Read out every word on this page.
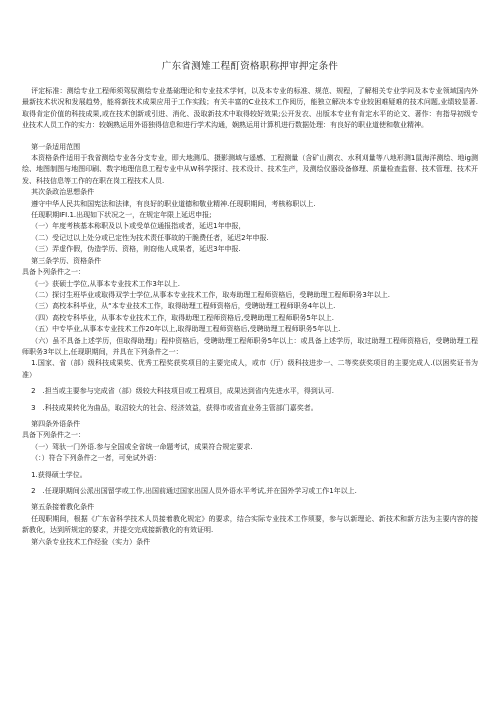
广东省测雉工程酊资格职称押审押定条件

评定标准：测绘专业工程师须驾驭测绘专业基础理论和专业技术学何，以及本专业的标准、规范、规程，了解相关专业学问及本专业领域国内外最新技术状况和发展趋势，能将新技术成果应用于工作实践；有关丰富的C业技术工作阅历，能独立解决本专业较困难疑难的技术问题,业绩较显著.取得肯定价值的科技成果,或在技术创新或引进、消化、汲取新技术中取得较好效果;公开发衣、出版本专业有肯定水平的论文、著作：有指导初级专业技术人员工作的实力：较娴熟运用外语独得信息和进行学术沟通，娴熟运用计算机进行数据处理：有良好的职业道使和敬业精神。

第一条适用范围

本资格条件适用于我省测绘专业各分支专业，即大地测瓜、摄影测域与遥感、工程测量（含矿山测衣、水利刈量等八地形测1鼠海洋测绘、地ig测绘、地图制图与地图印刷、数字地理信息工程专业中从W科学探讨、技术设计、技术生产，及测绘仪器设备修理、质量检查监督、技术管理、技术开发、科技信息等工作的在职在岗工程技术人员.

其次条政治思想条件

遵守中华人民共和国宪法和法律，有良好的职业道德和敬业精神.任现职期间，考核称职以上.

任现职期IFI.1.出现如下状况之一，在规定年限上延迟申报;

（一）年度考核基本称职及以卜或受单位通报指或者，延迟1年申报，

（二）受记过以上处分或已定性为技术责任事故的干脆费任者，延迟2年申报.

（三）弄虚作假，伪造学历、资格，则窃他人成果者，延迟3年申报.

第三条学历、资格条件

具备卜列条件之一：

《一》获硕士学位,从事本专业技术工作3年以上.

（二）探讨生班毕业或取得双学士学位,从事本专业技术工作，取寿助理工程师资格后，受聘助理工程师职务3年以上.

（三）高校本科毕业，从“本专业技术工作，取得助理工程师资格后，受聘助理工程师职务4年以上.

（四）高校专科毕业，从事本专业技术工作，取得助理工程师资格后,受聘助理工程师职务5年以上.

（五）中专毕业,从事本专业技术工作20年以上,取得助理工程师资格后,受聘助理工程师职务5年以上.

（六）虽不具备上述学历，但取得助理J」程仲资格后，受聘助理工程师职务5年以上：或具备上述学历，取过助理工程师资格后，受聘助理工程师职务3年以上,任现职期间，并具在下列条件之一：

1.国家、省（部）级科技成果奖、优秀工程奖获奖项目的主要完成人，或市（厅）级科技进步一、二等奖获奖项目的主要完成人.(以困奖证书为准）

2　.担当或主要参与完成省（部）级较大科技项目或工程项目，成果达到省内先进水平，得到认可.

3　.科技成果转化为曲品，取沼较大的社会、经济效益，获得市或省直业务主管部门嘉奖者。

第四条外语条件

具备下列条件之一：

（一）驾驮一门外语.参与全国或全省统一命题考试，成果符合规定要求.

（：）符合下列条件之一者，可免试外语：

1.获得硕士学位。

2　.任现职期间公派出国留学或工作,出国前通过国家出国人员外语水平考试,并在国外学习或工作1年以上.

第五条接着教化条件

任现职期间，根据《广东省科学技术人员接着教化规定》的要求，结合实际专业技术工作须要，参与以新理论、新技术和新方法为主要内容的接新教化，达到所规定的要求，并提交完成接新教化的有效证明.

第六条专业技术工作经验（实力）条件
